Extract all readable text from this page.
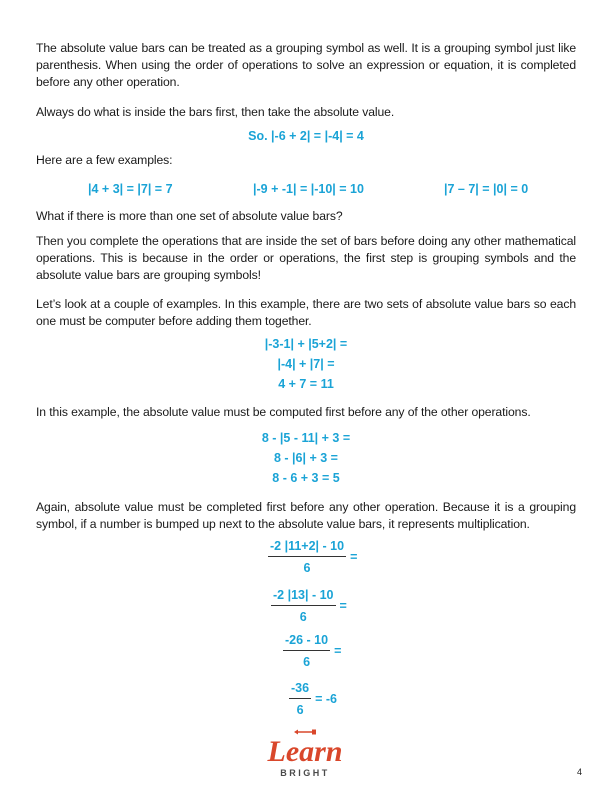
The absolute value bars can be treated as a grouping symbol as well. It is a grouping symbol just like parenthesis. When using the order of operations to solve an expression or equation, it is completed before any other operation.

Always do what is inside the bars first, then take the absolute value.

So. |-6 + 2| = |-4| = 4

Here are a few examples:

|4 + 3| = |7| = 7	|-9 + -1| = |-10| = 10	|7 – 7| = |0| = 0

What if there is more than one set of absolute value bars?

Then you complete the operations that are inside the set of bars before doing any other mathematical operations. This is because in the order or operations, the first step is grouping symbols and the absolute value bars are grouping symbols!

Let’s look at a couple of examples. In this example, there are two sets of absolute value bars so each one must be computer before adding them together.

|-3-1| + |5+2| =
|-4| + |7| =
4 + 7 = 11

In this example, the absolute value must be computed first before any of the other operations.

8 - |5 - 11| + 3 =
8 - |6| + 3 =
8 - 6 + 3 = 5

Again, absolute value must be completed first before any other operation. Because it is a grouping symbol, if a number is bumped up next to the absolute value bars, it represents multiplication.

$\frac{-2 |11+2| - 10}{6}$ =
$\frac{-2 |13| - 10}{6}$ =
$\frac{-26 - 10}{6}$ =
$\frac{-36}{6} = -6$
Learn
BRIGHT	4
